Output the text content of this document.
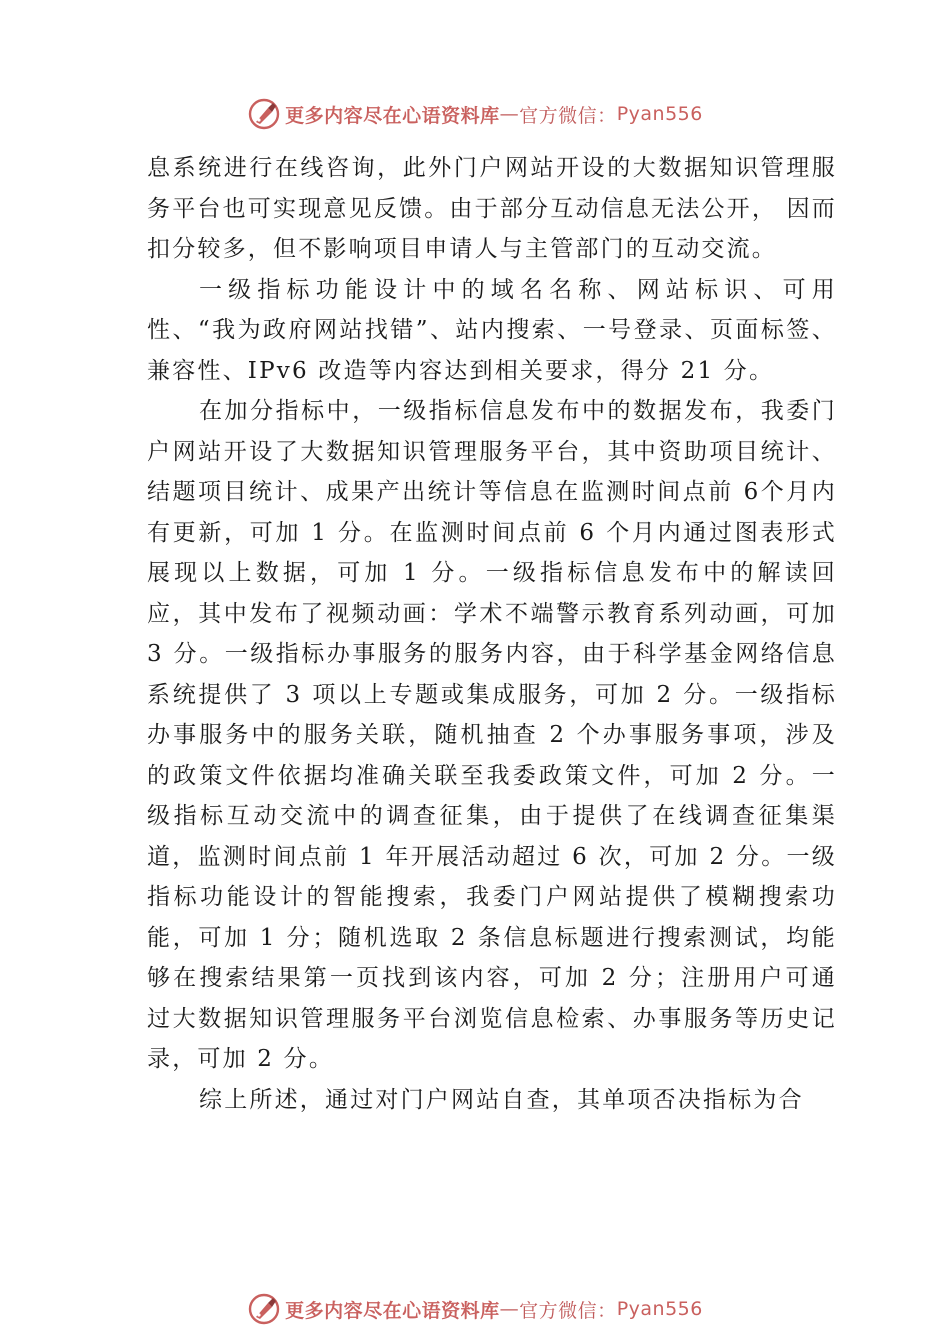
更多内容尽在心语资料库 — 官方微信： Pyan556

息系统进行在线咨询，此外门户网站开设的大数据知识管理服务平台也可实现意见反馈。由于部分互动信息无法公开， 因而扣分较多，但不影响项目申请人与主管部门的互动交流。

一级指标功能设计中的域名名称、网站标识、可用性、“我为政府网站找错”、站内搜索、一号登录、页面标签、兼容性、IPv6 改造等内容达到相关要求，得分 21 分。

在加分指标中，一级指标信息发布中的数据发布，我委门户网站开设了大数据知识管理服务平台，其中资助项目统计、结题项目统计、成果产出统计等信息在监测时间点前 6个月内有更新，可加 1 分。在监测时间点前 6 个月内通过图表形式展现以上数据，可加 1 分。一级指标信息发布中的解读回应，其中发布了视频动画：学术不端警示教育系列动画，可加 3 分。一级指标办事服务的服务内容，由于科学基金网络信息系统提供了 3 项以上专题或集成服务，可加 2 分。一级指标办事服务中的服务关联，随机抽查 2 个办事服务事项，涉及的政策文件依据均准确关联至我委政策文件，可加 2 分。一级指标互动交流中的调查征集，由于提供了在线调查征集渠道，监测时间点前 1 年开展活动超过 6 次，可加 2 分。一级指标功能设计的智能搜索，我委门户网站提供了模糊搜索功能，可加 1 分；随机选取 2 条信息标题进行搜索测试，均能够在搜索结果第一页找到该内容，可加 2 分；注册用户可通过大数据知识管理服务平台浏览信息检索、办事服务等历史记录，可加 2 分。

综上所述，通过对门户网站自查，其单项否决指标为合

更多内容尽在心语资料库 — 官方微信： Pyan556
